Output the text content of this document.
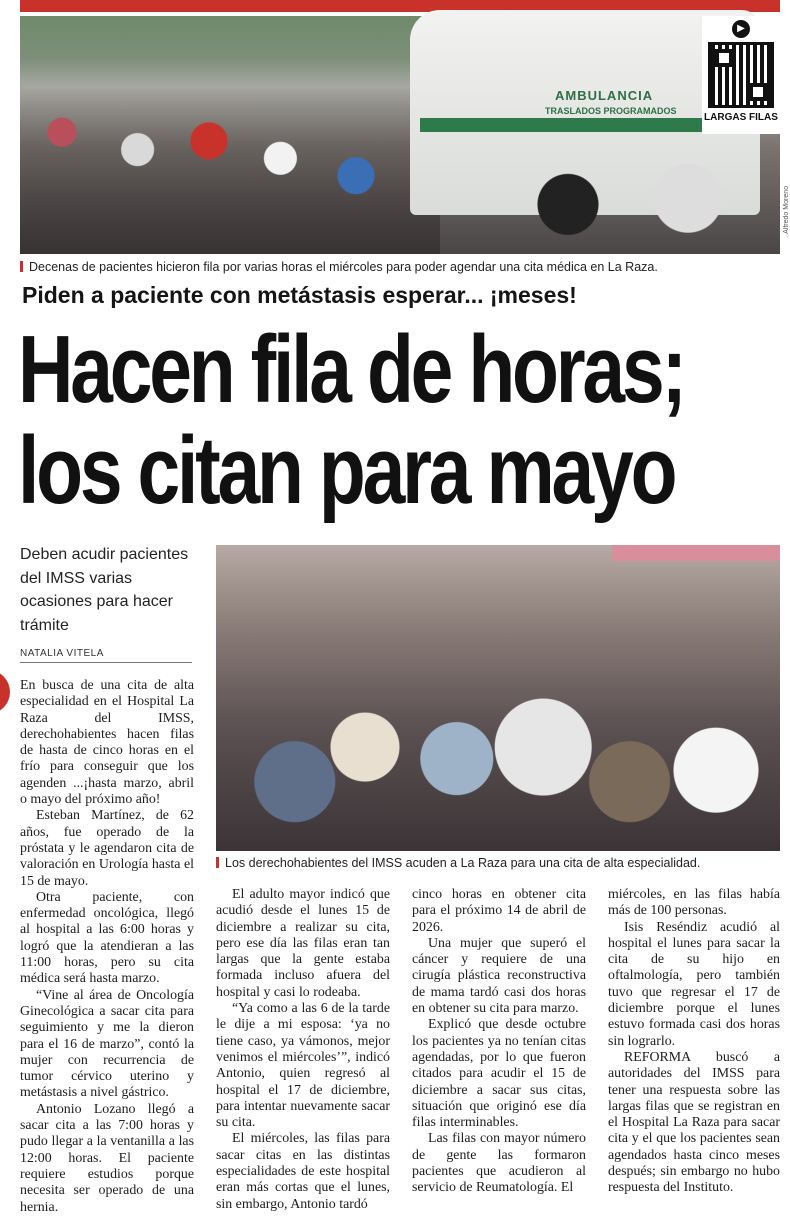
AMBULANCIA
TRASLADOS PROGRAMADOS
▶
LARGAS FILAS
Alfredo Moreno
Decenas de pacientes hicieron fila por varias horas el miércoles para poder agendar una cita médica en La Raza.
Piden a paciente con metástasis esperar... ¡meses!
Hacen fila de horas;
los citan para mayo
Deben acudir pacientes del IMSS varias ocasiones para hacer trámite
NATALIA VITELA
Los derechohabientes del IMSS acuden a La Raza para una cita de alta especialidad.

En busca de una cita de alta especialidad en el Hospital La Raza del IMSS, derechohabientes hacen filas de hasta de cinco horas en el frío para conseguir que los agenden ...¡hasta marzo, abril o mayo del próximo año!

Esteban Martínez, de 62 años, fue operado de la próstata y le agendaron cita de valoración en Urología hasta el 15 de mayo.

Otra paciente, con enfermedad oncológica, llegó al hospital a las 6:00 horas y logró que la atendieran a las 11:00 horas, pero su cita médica será hasta marzo.

“Vine al área de Oncología Ginecológica a sacar cita para seguimiento y me la dieron para el 16 de marzo”, contó la mujer con recurrencia de tumor cérvico uterino y metástasis a nivel gástrico.

Antonio Lozano llegó a sacar cita a las 7:00 horas y pudo llegar a la ventanilla a las 12:00 horas. El paciente requiere estudios porque necesita ser operado de una hernia.

El adulto mayor indicó que acudió desde el lunes 15 de diciembre a realizar su cita, pero ese día las filas eran tan largas que la gente estaba formada incluso afuera del hospital y casi lo rodeaba.

“Ya como a las 6 de la tarde le dije a mi esposa: ‘ya no tiene caso, ya vámonos, mejor venimos el miércoles’”, indicó Antonio, quien regresó al hospital el 17 de diciembre, para intentar nuevamente sacar su cita.

El miércoles, las filas para sacar citas en las distintas especialidades de este hospital eran más cortas que el lunes, sin embargo, Antonio tardó

cinco horas en obtener cita para el próximo 14 de abril de 2026.

Una mujer que superó el cáncer y requiere de una cirugía plástica reconstructiva de mama tardó casi dos horas en obtener su cita para marzo.

Explicó que desde octubre los pacientes ya no tenían citas agendadas, por lo que fueron citados para acudir el 15 de diciembre a sacar sus citas, situación que originó ese día filas interminables.

Las filas con mayor número de gente las formaron pacientes que acudieron al servicio de Reumatología. El

miércoles, en las filas había más de 100 personas.

Isis Reséndiz acudió al hospital el lunes para sacar la cita de su hijo en oftalmología, pero también tuvo que regresar el 17 de diciembre porque el lunes estuvo formada casi dos horas sin lograrlo.

REFORMA buscó a autoridades del IMSS para tener una respuesta sobre las largas filas que se registran en el Hospital La Raza para sacar cita y el que los pacientes sean agendados hasta cinco meses después; sin embargo no hubo respuesta del Instituto.
